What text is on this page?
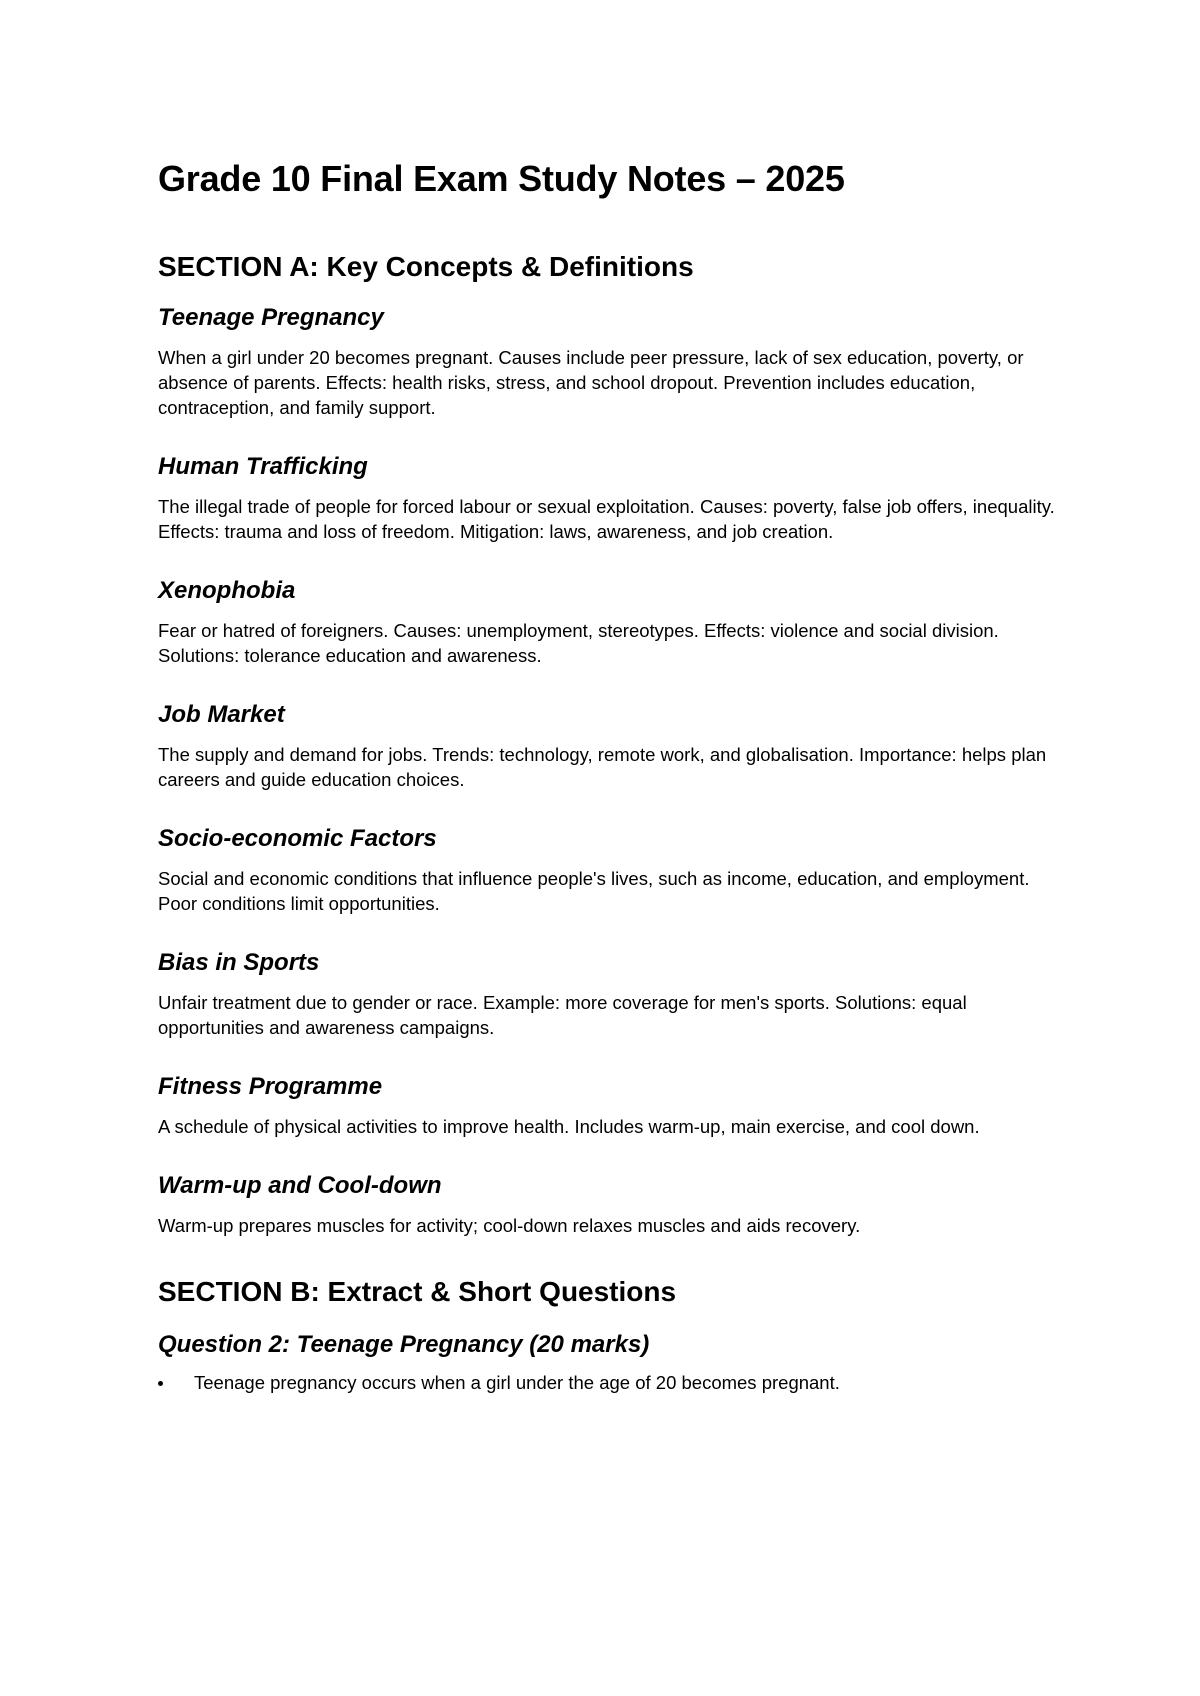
Grade 10 Final Exam Study Notes – 2025
SECTION A: Key Concepts & Definitions
Teenage Pregnancy

When a girl under 20 becomes pregnant. Causes include peer pressure, lack of sex education, poverty, or absence of parents. Effects: health risks, stress, and school dropout. Prevention includes education, contraception, and family support.

Human Trafficking

The illegal trade of people for forced labour or sexual exploitation. Causes: poverty, false job offers, inequality. Effects: trauma and loss of freedom. Mitigation: laws, awareness, and job creation.

Xenophobia

Fear or hatred of foreigners. Causes: unemployment, stereotypes. Effects: violence and social division. Solutions: tolerance education and awareness.

Job Market

The supply and demand for jobs. Trends: technology, remote work, and globalisation. Importance: helps plan careers and guide education choices.

Socio-economic Factors

Social and economic conditions that influence people's lives, such as income, education, and employment. Poor conditions limit opportunities.

Bias in Sports

Unfair treatment due to gender or race. Example: more coverage for men's sports. Solutions: equal opportunities and awareness campaigns.

Fitness Programme

A schedule of physical activities to improve health. Includes warm-up, main exercise, and cool down.

Warm-up and Cool-down

Warm-up prepares muscles for activity; cool-down relaxes muscles and aids recovery.

SECTION B: Extract & Short Questions
Question 2: Teenage Pregnancy (20 marks)
Teenage pregnancy occurs when a girl under the age of 20 becomes pregnant.
